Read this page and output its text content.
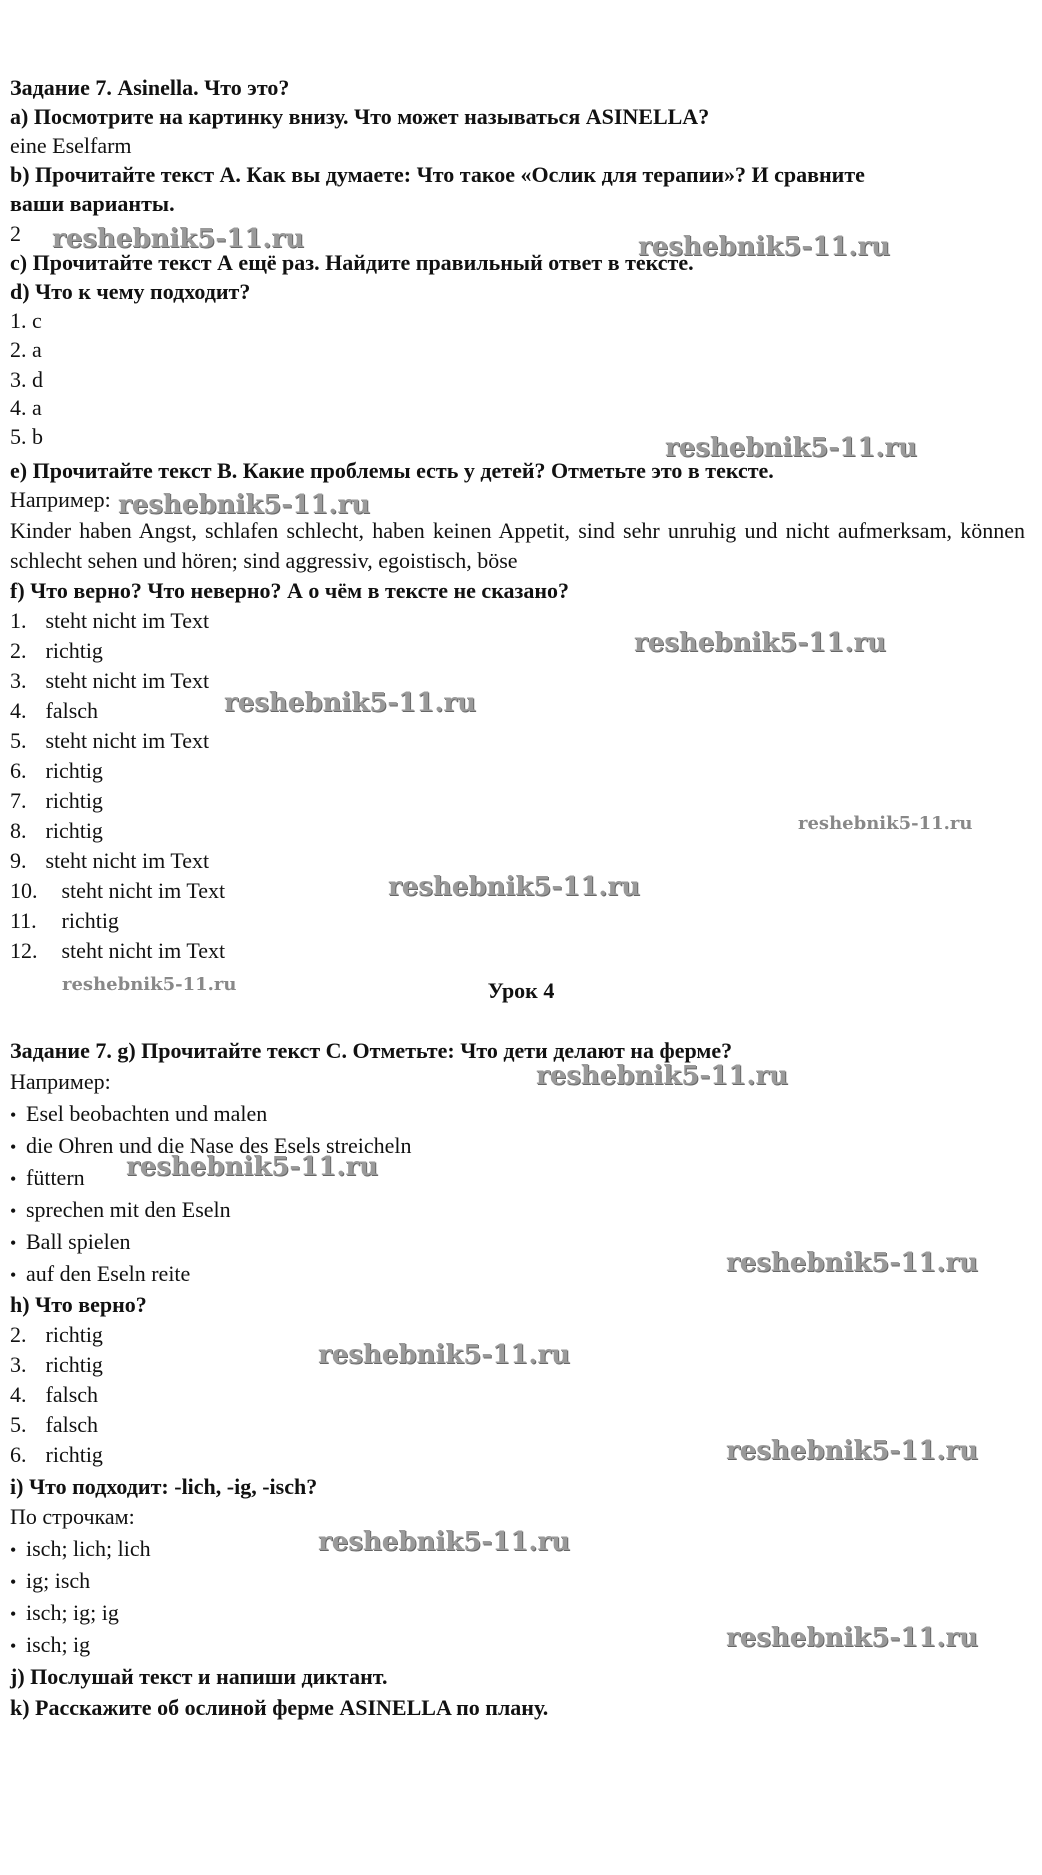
Задание 7. Asinella. Что это?
а) Посмотрите на картинку внизу. Что может называться ASINELLA?
eine Eselfarm
b) Прочитайте текст А. Как вы думаете: Что такое «Ослик для терапии»? И сравните
ваши варианты.
2
с) Прочитайте текст А ещё раз. Найдите правильный ответ в тексте.
d) Что к чему подходит?
1. c
2. a
3. d
4. a
5. b
е) Прочитайте текст В. Какие проблемы есть у детей? Отметьте это в тексте.
Например:
Kinder haben Angst, schlafen schlecht, haben keinen Appetit, sind sehr unruhig und nicht aufmerksam, können schlecht sehen und hören; sind aggressiv, egoistisch, böse
f) Что верно? Что неверно? А о чём в тексте не сказано?
1. steht nicht im Text
2. richtig
3. steht nicht im Text
4. falsch
5. steht nicht im Text
6. richtig
7. richtig
8. richtig
9. steht nicht im Text
10. steht nicht im Text
11. richtig
12. steht nicht im Text
Урок 4
Задание 7. g) Прочитайте текст С. Отметьте: Что дети делают на ферме?
Например:
• Esel beobachten und malen
• die Ohren und die Nase des Esels streicheln
• füttern
• sprechen mit den Eseln
• Ball spielen
• auf den Eseln reite
h) Что верно?
2. richtig
3. richtig
4. falsch
5. falsch
6. richtig
i) Что подходит: -lich, -ig, -isch?
По строчкам:
• isch; lich; lich
• ig; isch
• isch; ig; ig
• isch; ig
j) Послушай текст и напиши диктант.
k) Расскажите об ослиной ферме ASINELLA по плану.
reshebnik5-11.ru	reshebnik5-11.ru
reshebnik5-11.ru
reshebnik5-11.ru
reshebnik5-11.ru
reshebnik5-11.ru
reshebnik5-11.ru
reshebnik5-11.ru
reshebnik5-11.ru
reshebnik5-11.ru
reshebnik5-11.ru
reshebnik5-11.ru
reshebnik5-11.ru
reshebnik5-11.ru
reshebnik5-11.ru
reshebnik5-11.ru
